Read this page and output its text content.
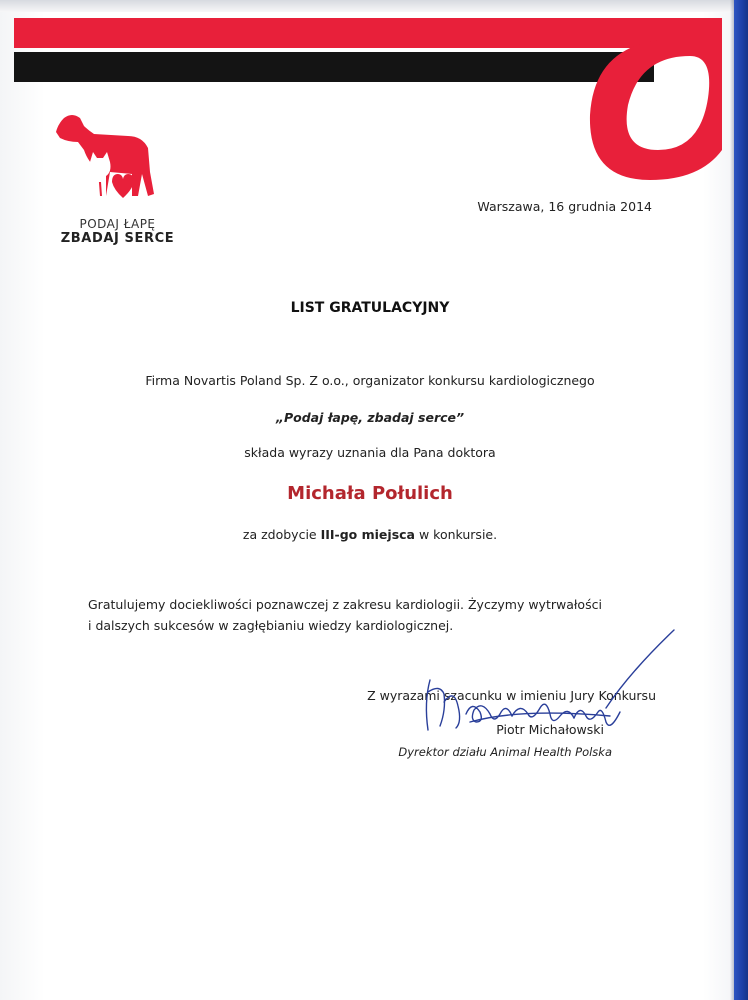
PODAJ ŁAPĘ
ZBADAJ SERCE
Warszawa, 16 grudnia 2014
LIST GRATULACYJNY
Firma Novartis Poland Sp. Z o.o., organizator konkursu kardiologicznego
„Podaj łapę, zbadaj serce”
składa wyrazy uznania dla Pana doktora
Michała Połulich
za zdobycie III-go miejsca w konkursie.
Gratulujemy dociekliwości poznawczej z zakresu kardiologii. Życzymy wytrwałości
i dalszych sukcesów w zagłębianiu wiedzy kardiologicznej.
Z wyrazami szacunku w imieniu Jury Konkursu
Piotr Michałowski
Dyrektor działu Animal Health Polska
